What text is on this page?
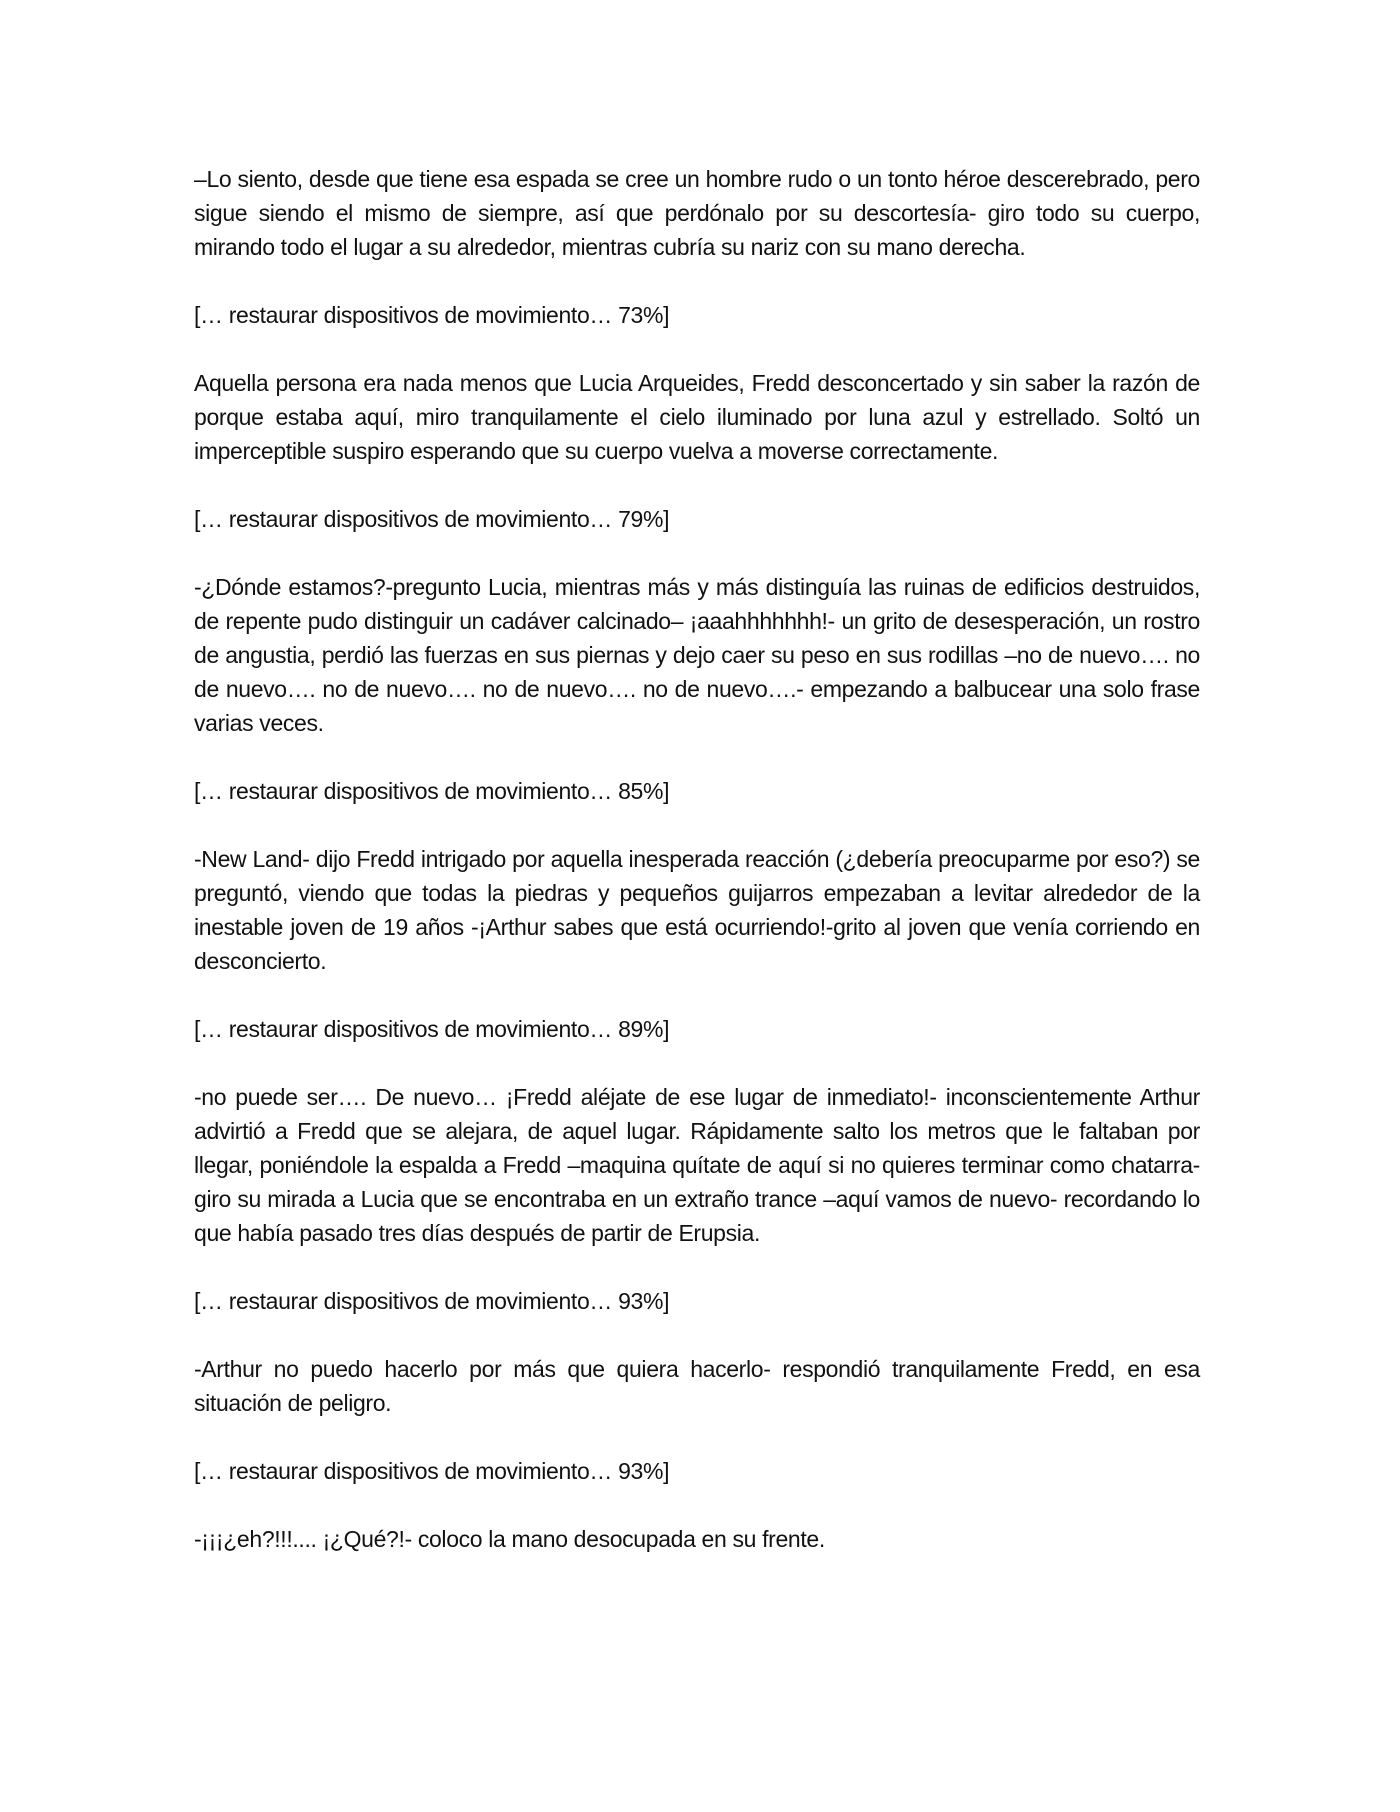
–Lo siento, desde que tiene esa espada se cree un hombre rudo o un tonto héroe descerebrado, pero sigue siendo el mismo de siempre, así que perdónalo por su descortesía- giro todo su cuerpo, mirando todo el lugar a su alrededor, mientras cubría su nariz con su mano derecha.

[… restaurar dispositivos de movimiento… 73%]

Aquella persona era nada menos que Lucia Arqueides, Fredd desconcertado y sin saber la razón de porque estaba aquí, miro tranquilamente el cielo iluminado por luna azul y estrellado. Soltó un imperceptible suspiro esperando que su cuerpo vuelva a moverse correctamente.

[… restaurar dispositivos de movimiento… 79%]

-¿Dónde estamos?-pregunto Lucia, mientras más y más distinguía las ruinas de edificios destruidos, de repente pudo distinguir un cadáver calcinado– ¡aaahhhhhhh!- un grito de desesperación, un rostro de angustia, perdió las fuerzas en sus piernas y dejo caer su peso en sus rodillas –no de nuevo…. no de nuevo…. no de nuevo…. no de nuevo…. no de nuevo….- empezando a balbucear una solo frase varias veces.

[… restaurar dispositivos de movimiento… 85%]

-New Land- dijo Fredd intrigado por aquella inesperada reacción (¿debería preocuparme por eso?) se preguntó, viendo que todas la piedras y pequeños guijarros empezaban a levitar alrededor de la inestable joven de 19 años -¡Arthur sabes que está ocurriendo!-grito al joven que venía corriendo en desconcierto.

[… restaurar dispositivos de movimiento… 89%]

-no puede ser…. De nuevo… ¡Fredd aléjate de ese lugar de inmediato!- inconscientemente Arthur advirtió a Fredd que se alejara, de aquel lugar. Rápidamente salto los metros que le faltaban por llegar, poniéndole la espalda a Fredd –maquina quítate de aquí si no quieres terminar como chatarra- giro su mirada a Lucia que se encontraba en un extraño trance –aquí vamos de nuevo- recordando lo que había pasado tres días después de partir de Erupsia.

[… restaurar dispositivos de movimiento… 93%]

-Arthur no puedo hacerlo por más que quiera hacerlo- respondió tranquilamente Fredd, en esa situación de peligro.

[… restaurar dispositivos de movimiento… 93%]

-¡¡¡¿eh?!!!.... ¡¿Qué?!- coloco la mano desocupada en su frente.
